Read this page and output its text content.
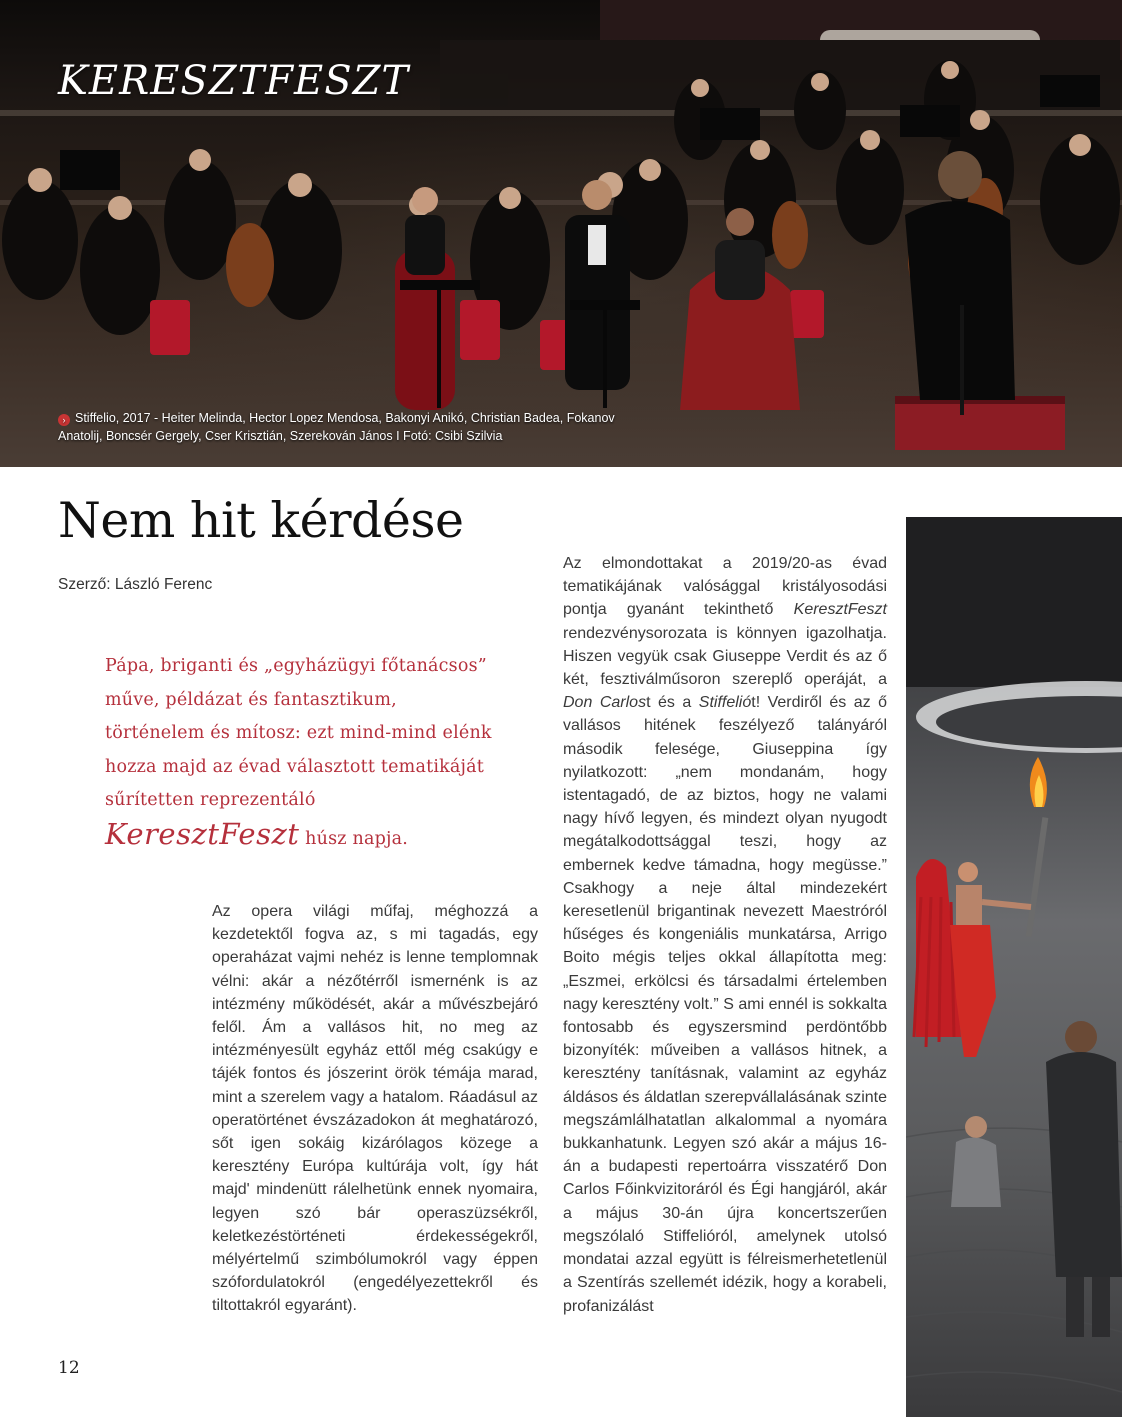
KERESZTFESZT
› Stiffelio, 2017 - Heiter Melinda, Hector Lopez Mendosa, Bakonyi Anikó, Christian Badea, Fokanov Anatolij, Boncsér Gergely, Cser Krisztián, Szerekován János I Fotó: Csibi Szilvia
Nem hit kérdése
Szerző: László Ferenc
Pápa, briganti és „egyházügyi főtanácsos” műve, példázat és fantasztikum, történelem és mítosz: ezt mind-mind elénk hozza majd az évad választott tematikáját sűrítetten reprezentáló KeresztFeszt húsz napja.
Az opera világi műfaj, méghozzá a kezdetektől fogva az, s mi tagadás, egy operaházat vajmi nehéz is lenne templomnak vélni: akár a nézőtérről ismernénk is az intézmény működését, akár a művészbejáró felől. Ám a vallásos hit, no meg az intézményesült egyház ettől még csakúgy e tájék fontos és jószerint örök témája marad, mint a szerelem vagy a hatalom. Ráadásul az operatörténet évszázadokon át meghatározó, sőt igen sokáig kizárólagos közege a keresztény Európa kultúrája volt, így hát majd' mindenütt rálelhetünk ennek nyomaira, legyen szó bár operaszüzsékről, keletkezéstörténeti érdekességekről, mélyértelmű szimbólumokról vagy éppen szófordulatokról (engedélyezettekről és tiltottakról egyaránt).
Az elmondottakat a 2019/20-as évad tematikájának valósággal kristályosodási pontja gyanánt tekinthető KeresztFeszt rendezvénysorozata is könnyen igazolhatja. Hiszen vegyük csak Giuseppe Verdit és az ő két, fesztiválműsoron szereplő operáját, a Don Carlost és a Stiffeliót! Verdiről és az ő vallásos hitének feszélyező talányáról második felesége, Giuseppina így nyilatkozott: „nem mondanám, hogy istentagadó, de az biztos, hogy ne valami nagy hívő legyen, és mindezt olyan nyugodt megátalkodottsággal teszi, hogy az embernek kedve támadna, hogy megüsse.” Csakhogy a neje által mindezekért keresetlenül brigantinak nevezett Maestróról hűséges és kongeniális munkatársa, Arrigo Boito mégis teljes okkal állapította meg: „Eszmei, erkölcsi és társadalmi értelemben nagy keresztény volt.” S ami ennél is sokkalta fontosabb és egyszersmind perdöntőbb bizonyíték: műveiben a vallásos hitnek, a keresztény tanításnak, valamint az egyház áldásos és áldatlan szerepvállalásának szinte megszámlálhatatlan alkalommal a nyomára bukkanhatunk. Legyen szó akár a május 16-án a budapesti repertoárra visszatérő Don Carlos Főinkvizitoráról és Égi hangjáról, akár a május 30-án újra koncertszerűen megszólaló Stiffelióról, amelynek utolsó mondatai azzal együtt is félreismerhetetlenül a Szentírás szellemét idézik, hogy a korabeli, profanizálást
12
